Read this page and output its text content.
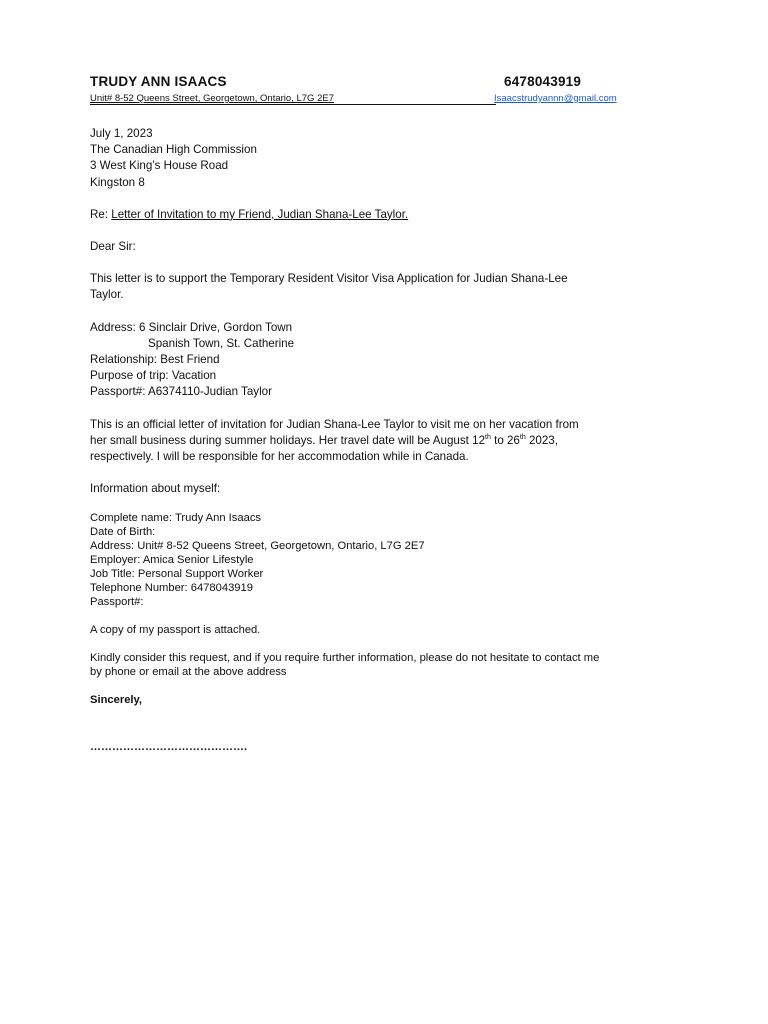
TRUDY ANN ISAACS	6478043919
Unit# 8-52 Queens Street, Georgetown, Ontario, L7G 2E7	Isaacstrudyannn@gmail.com
July 1, 2023
The Canadian High Commission
3 West King’s House Road
Kingston 8
Re: Letter of Invitation to my Friend, Judian Shana-Lee Taylor.
Dear Sir:
This letter is to support the Temporary Resident Visitor Visa Application for Judian Shana-Lee
Taylor.
Address: 6 Sinclair Drive, Gordon Town
Spanish Town, St. Catherine
Relationship: Best Friend
Purpose of trip: Vacation
Passport#: A6374110-Judian Taylor
This is an official letter of invitation for Judian Shana-Lee Taylor to visit me on her vacation from
her small business during summer holidays. Her travel date will be August 12th to 26th 2023,
respectively. I will be responsible for her accommodation while in Canada.
Information about myself:
Complete name: Trudy Ann Isaacs
Date of Birth:
Address: Unit# 8-52 Queens Street, Georgetown, Ontario, L7G 2E7
Employer: Amica Senior Lifestyle
Job Title: Personal Support Worker
Telephone Number: 6478043919
Passport#:
A copy of my passport is attached.
Kindly consider this request, and if you require further information, please do not hesitate to contact me
by phone or email at the above address
Sincerely,
…………………………………….
